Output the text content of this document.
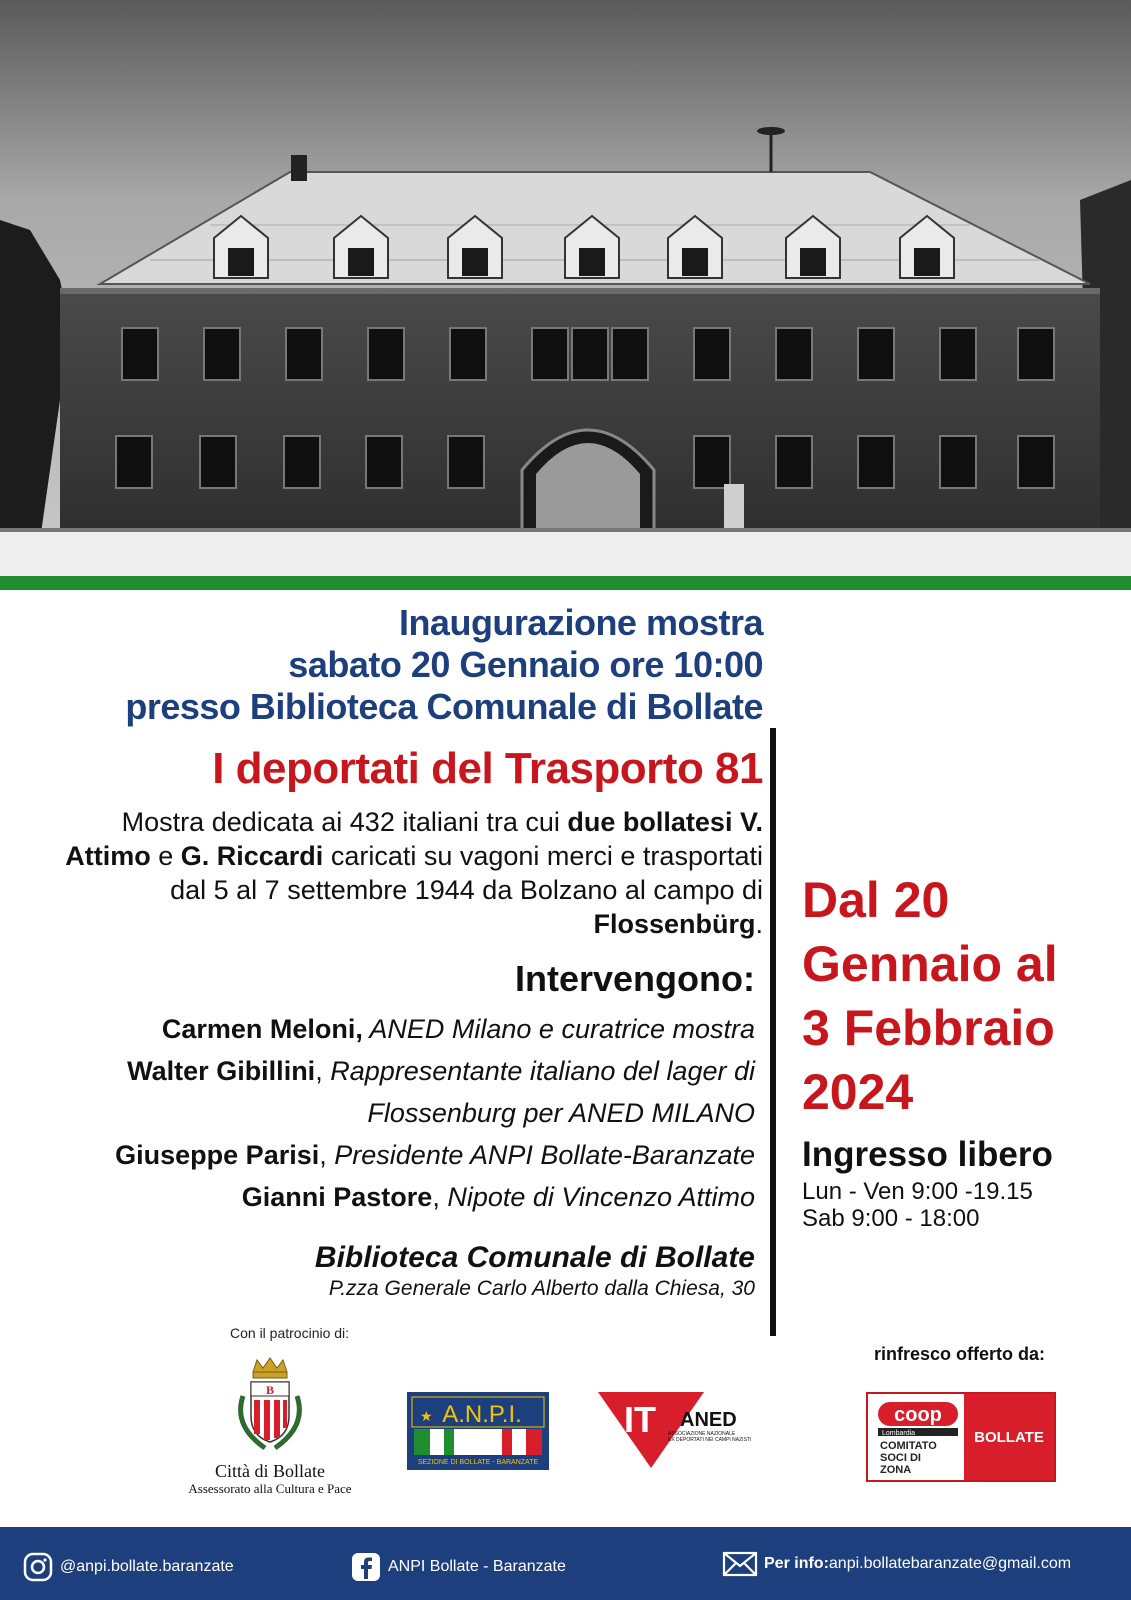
Inaugurazione mostra
sabato 20 Gennaio ore 10:00
presso Biblioteca Comunale di Bollate
I deportati del Trasporto 81
Mostra dedicata ai 432 italiani tra cui due bollatesi V. Attimo e G. Riccardi caricati su vagoni merci e trasportati dal 5 al 7 settembre 1944 da Bolzano al campo di Flossenbürg.
Intervengono:
Carmen Meloni, ANED Milano e curatrice mostra
Walter Gibillini, Rappresentante italiano del lager di Flossenburg per ANED MILANO
Giuseppe Parisi, Presidente ANPI Bollate-Baranzate
Gianni Pastore, Nipote di Vincenzo Attimo
Biblioteca Comunale di Bollate
P.zza Generale Carlo Alberto dalla Chiesa, 30
Dal 20
Gennaio al
3 Febbraio
2024
Ingresso libero
Lun - Ven 9:00 -19.15
Sab 9:00 - 18:00
Con il patrocinio di:
B
Città di Bollate
Assessorato alla Cultura e Pace
★ A.N.P.I.
SEZIONE DI BOLLATE - BARANZATE
IT ANED
ASSOCIAZIONE NAZIONALE
EX DEPORTATI NEI CAMPI NAZISTI
rinfresco offerto da:
coop
Lombardia
COMITATO
SOCI DI
ZONA
BOLLATE
@anpi.bollate.baranzate	ANPI Bollate - Baranzate	Per info: anpi.bollatebaranzate@gmail.com
